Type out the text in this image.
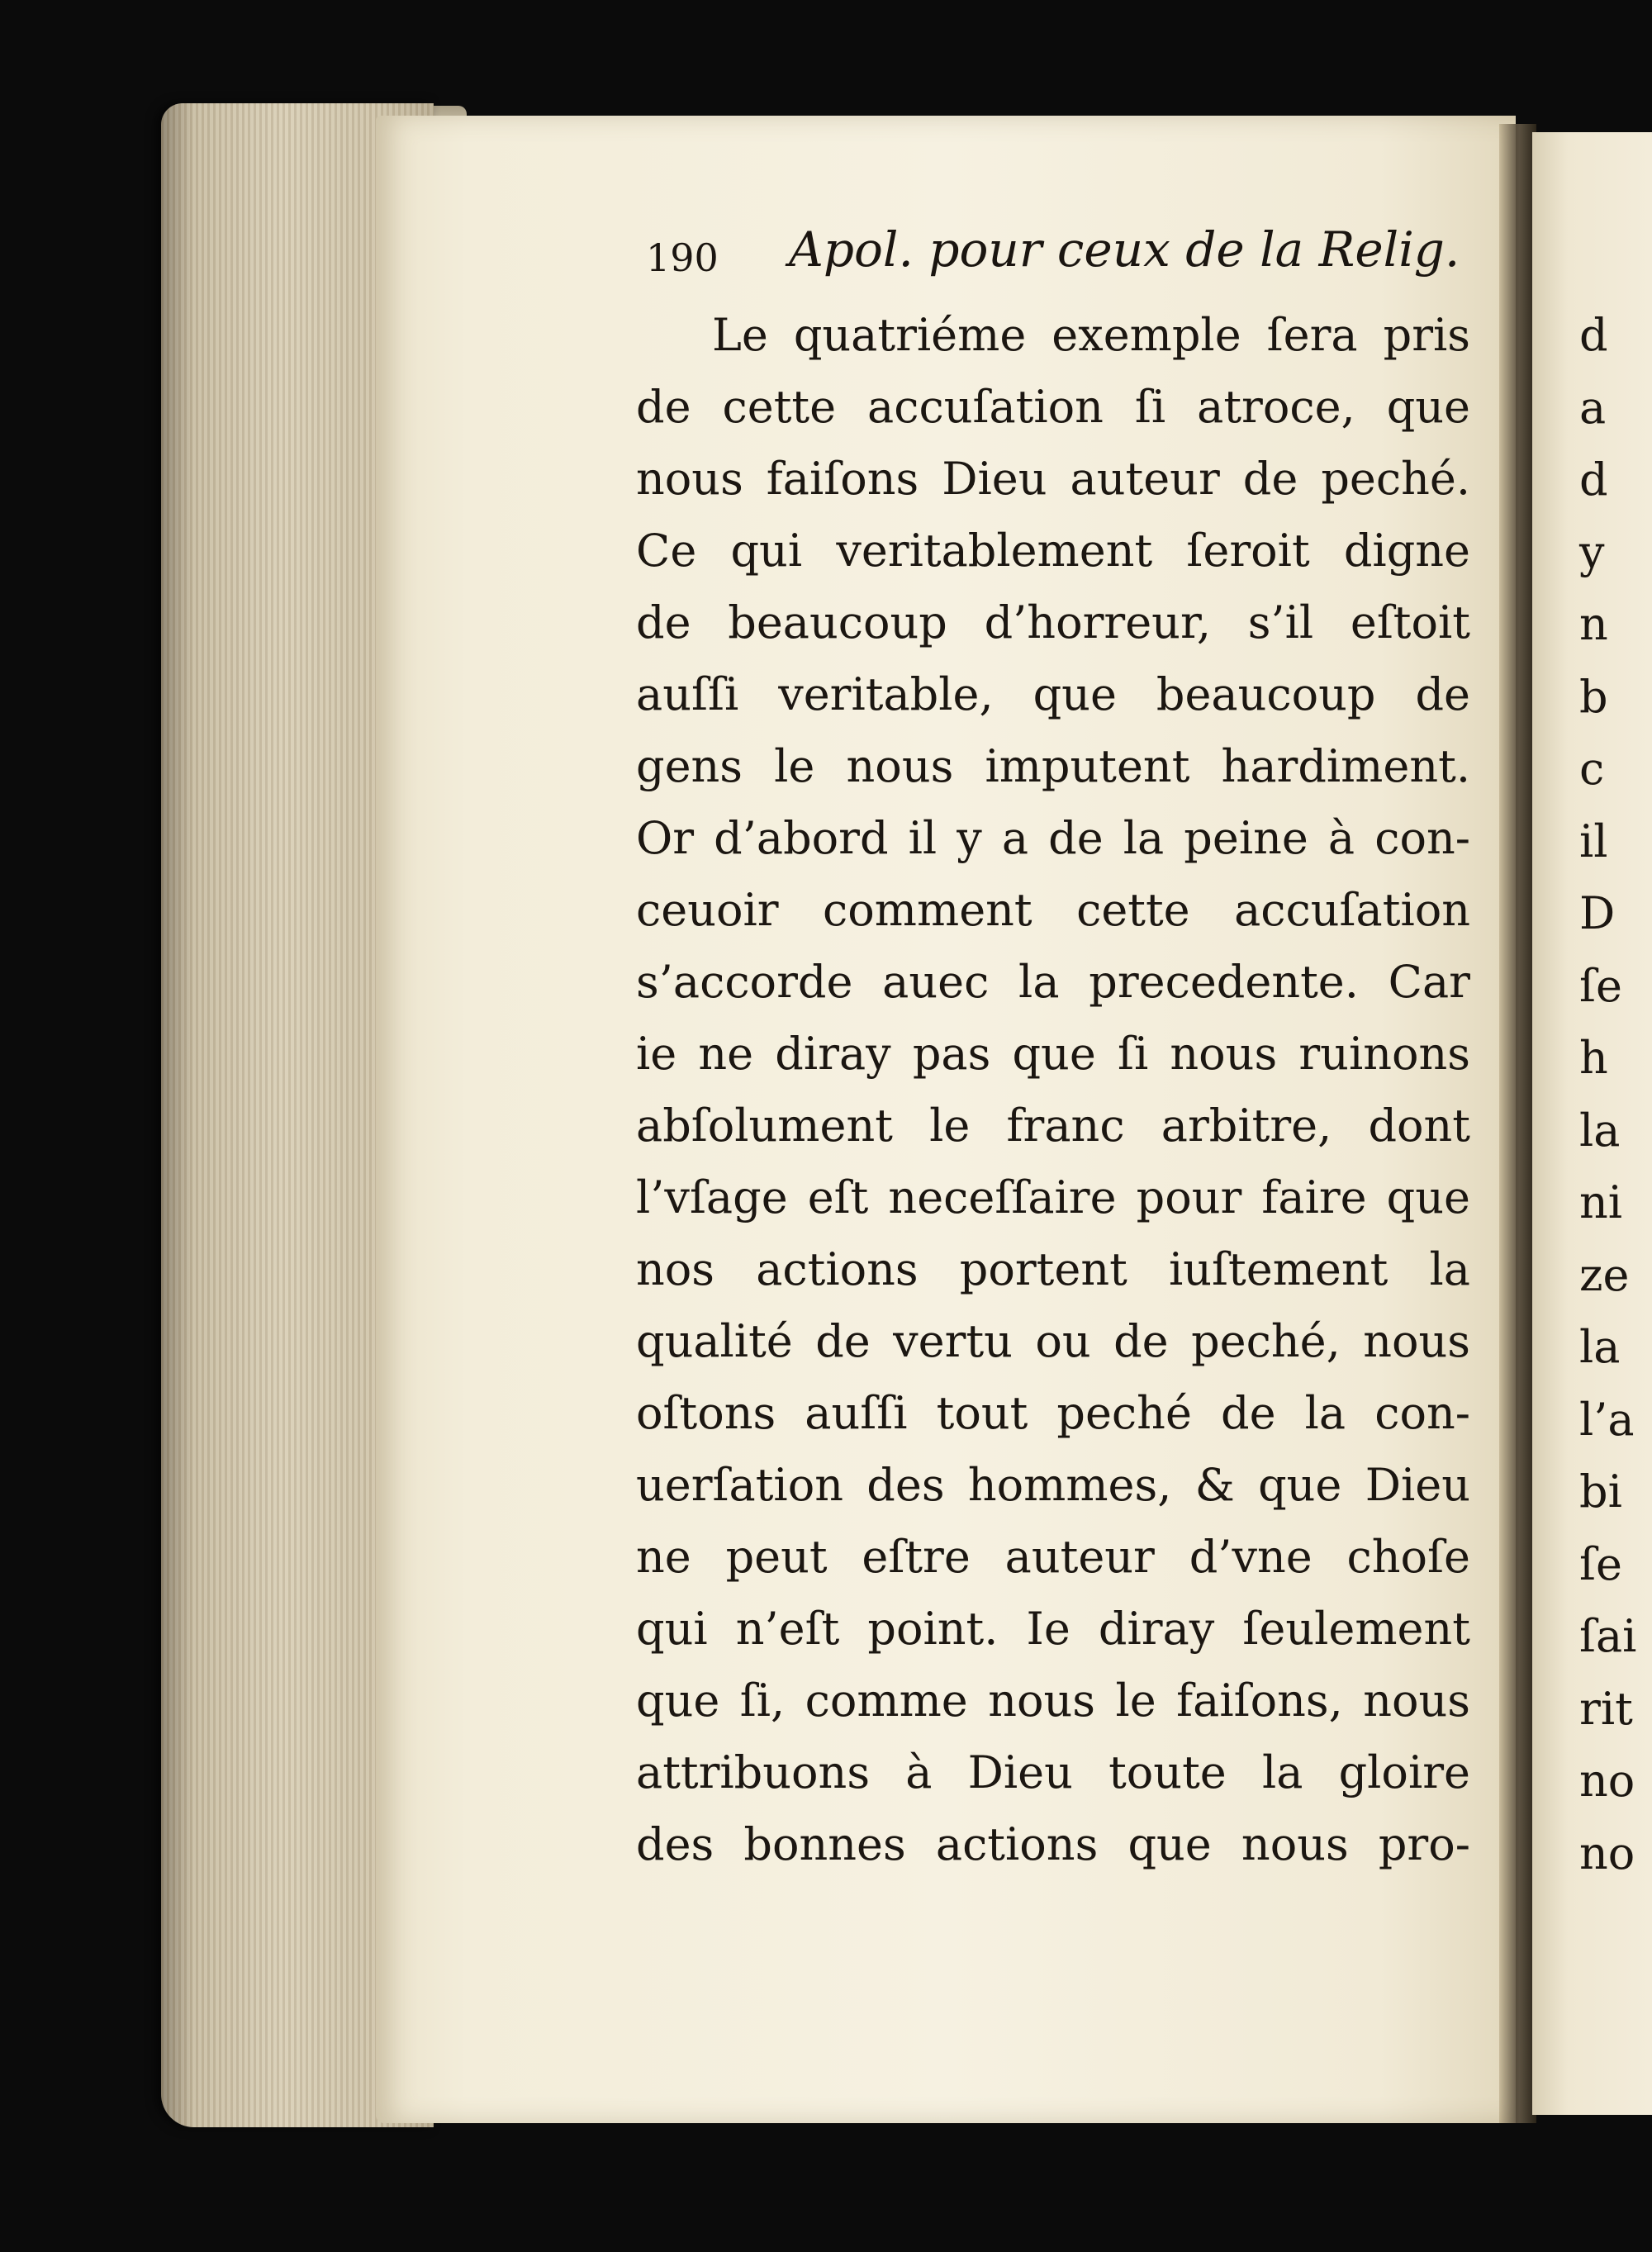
190 Apol. pour ceux de la Relig.
Le quatriéme exemple ſera pris
de cette accuſation ſi atroce, que
nous faiſons Dieu auteur de peché.
Ce qui veritablement ſeroit digne
de beaucoup d’horreur, s’il eſtoit
auſſi veritable, que beaucoup de
gens le nous imputent hardiment.
Or d’abord il y a de la peine à con-
ceuoir comment cette accuſation
s’accorde auec la precedente. Car
ie ne diray pas que ſi nous ruinons
abſolument le franc arbitre, dont
l’vſage eſt neceſſaire pour faire que
nos actions portent iuſtement la
qualité de vertu ou de peché, nous
oſtons auſſi tout peché de la con-
uerſation des hommes, & que Dieu
ne peut eſtre auteur d’vne choſe
qui n’eſt point. Ie diray ſeulement
que ſi, comme nous le faiſons, nous
attribuons à Dieu toute la gloire
des bonnes actions que nous pro-
d
a
d
y
n
b
c
il
D
ſe
h
la
ni
ze
la
l’a
bi
ſe
ſai
rit
no
no
